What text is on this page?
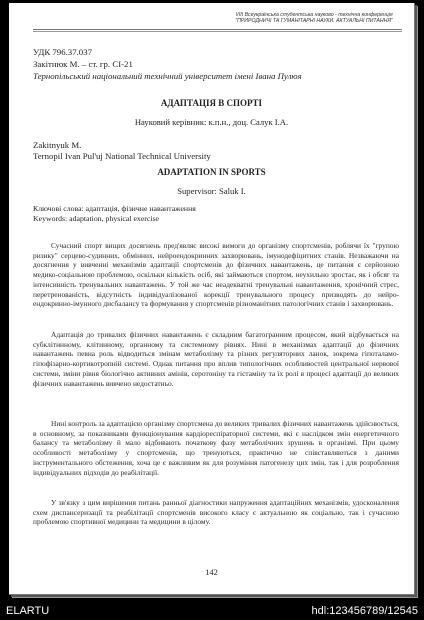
VIII Всеукраїнська студентська науково - технічна конференція "ПРИРОДНИЧІ ТА ГУМАНІТАРНІ НАУКИ. АКТУАЛЬНІ ПИТАННЯ"
УДК 796.37.037
Закітнюк М. – ст. гр. СІ-21
Тернопільський національний технічний університет імені Івана Пулюя
АДАПТАЦІЯ В СПОРТІ
Науковий керівник: к.п.н., доц. Салук І.А.
Zakitnyuk M.
Ternopil Ivan Pul'uj National Technical University
ADAPTATION IN SPORTS
Supervisor: Saluk I.
Ключові слова: адаптація, фізичне навантаження
Keywords: adaptation, physical exercise
Сучасний спорт вищих досягнень пред'являє високі вимоги до організму спортсменів, роблячи їх "групою ризику" серцево-судинних, обмінних, нейроендокринних захворювань, імунодефіцитних станів. Незважаючи на досягнення у вивченні механізмів адаптації спортсменів до фізичних навантажень, це питання є серйозною медико-соціальною проблемою, оскільки кількість осіб, які займаються спортом, неухильно зростає, як і обсяг та інтенсивність тренувальних навантажень. У той же час неадекватні тренувальні навантаження, хронічний стрес, перетренованість, відсутність індивідуалізованої корекції тренувального процесу призводять до нейро-ендокринно-імунного дисбалансу та формування у спортсменів різноманітних патологічних станів і захворювань.
Адаптація до тривалих фізичних навантажень є складним багатогранним процесом, який відбувається на субклітинному, клітинному, органному та системному рівнях. Нині в механізмах адаптації до фізичних навантажень певна роль відводиться змінам метаболізму та різних регуляторних ланок, зокрема гіпоталамо-гіпофізарно-кортикотропній системі. Однак питання про вплив типологічних особливостей центральної нервової системи, зміни рівня біологічно активних амінів, серотоніну та гістаміну та їх ролі в процесі адаптації до великих фізичних навантажень вивчено недостатньо.
Нині контроль за адаптацією організму спортсмена до великих тривалих фізичних навантажень здійснюється, в основному, за показниками функціонування кардіореспіраторної системи, які є наслідком змін енергетичного балансу та метаболізму й мало відбивають початкову фазу метаболічних зрушень в організмі. При цьому особливості метаболізму у спортсменів, що тренуються, практично не співставляються з даними інструментального обстеження, хоча це є важливим як для розуміння патогенезу цих змін, так і для розроблення індивідуальних підходів до реабілітації.
У зв'язку з цим вирішення питань ранньої діагностики напруження адаптаційних механізмів, удосконалення схем диспансеризації та реабілітації спортсменів високого класу є актуальною як соціально, так і сучасною проблемою спортивної медицини та медицини в цілому.
142
ELARTU	hdl:123456789/12545
